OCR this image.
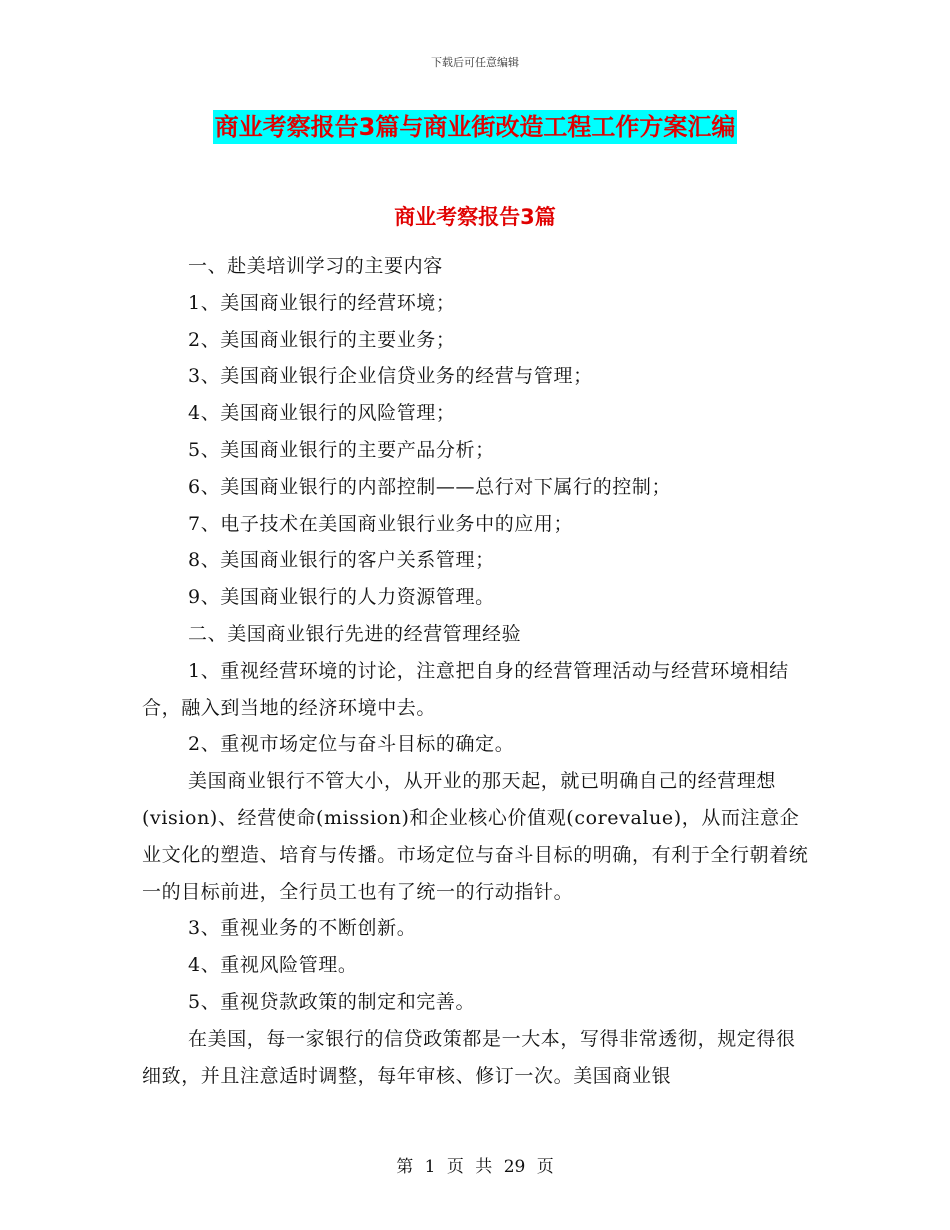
下载后可任意编辑
商业考察报告3篇与商业街改造工程工作方案汇编
商业考察报告3篇

一、赴美培训学习的主要内容

1、美国商业银行的经营环境；

2、美国商业银行的主要业务；

3、美国商业银行企业信贷业务的经营与管理；

4、美国商业银行的风险管理；

5、美国商业银行的主要产品分析；

6、美国商业银行的内部控制——总行对下属行的控制；

7、电子技术在美国商业银行业务中的应用；

8、美国商业银行的客户关系管理；

9、美国商业银行的人力资源管理。

二、美国商业银行先进的经营管理经验

1、重视经营环境的讨论，注意把自身的经营管理活动与经营环境相结合，融入到当地的经济环境中去。

2、重视市场定位与奋斗目标的确定。

美国商业银行不管大小，从开业的那天起，就已明确自己的经营理想(vision)、经营使命(mission)和企业核心价值观(corevalue)，从而注意企业文化的塑造、培育与传播。市场定位与奋斗目标的明确，有利于全行朝着统一的目标前进，全行员工也有了统一的行动指针。

3、重视业务的不断创新。

4、重视风险管理。

5、重视贷款政策的制定和完善。

在美国，每一家银行的信贷政策都是一大本，写得非常透彻，规定得很细致，并且注意适时调整，每年审核、修订一次。美国商业银

第 1 页 共 29 页
